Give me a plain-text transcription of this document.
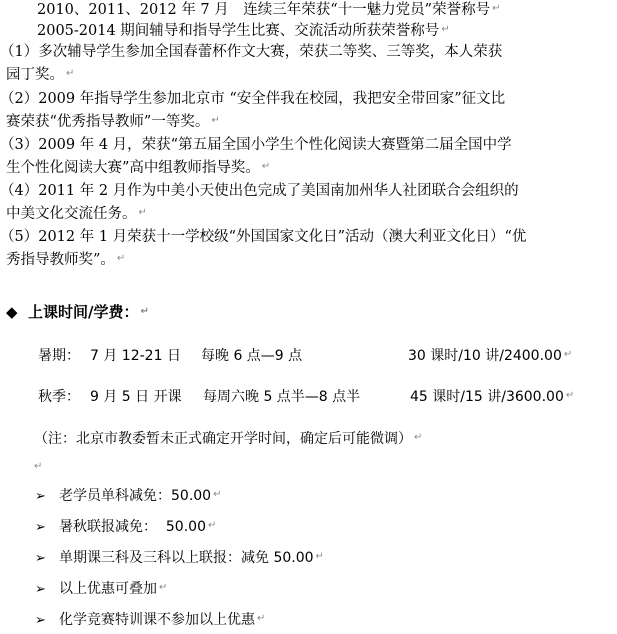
　　2010、2011、2012 年 7 月　连续三年荣获“十一魅力党员”荣誉称号 ↵
　　2005-2014 期间辅导和指导学生比赛、交流活动所获荣誉称号 ↵
（1）多次辅导学生参加全国春蕾杯作文大赛，荣获二等奖、三等奖，本人荣获
园丁奖。 ↵
（2）2009 年指导学生参加北京市 “安全伴我在校园，我把安全带回家”征文比
赛荣获“优秀指导教师”一等奖。 ↵
（3）2009 年 4 月，荣获“第五届全国小学生个性化阅读大赛暨第二届全国中学
生个性化阅读大赛”高中组教师指导奖。 ↵
（4）2011 年 2 月作为中美小天使出色完成了美国南加州华人社团联合会组织的
中美文化交流任务。 ↵
（5）2012 年 1 月荣获十一学校级“外国国家文化日”活动（澳大利亚文化日）“优
秀指导教师奖”。 ↵
◆ 上课时间/学费： ↵
暑期： 7 月 12-21 日 每晚 6 点—9 点	30 课时/10 讲/2400.00 ↵
秋季： 9 月 5 日 开课 每周六晚 5 点半—8 点半	45 课时/15 讲/3600.00 ↵
（注：北京市教委暂未正式确定开学时间，确定后可能微调） ↵
↵
➢ 老学员单科减免：50.00 ↵
➢ 暑秋联报减免：  50.00 ↵
➢ 单期课三科及三科以上联报：减免 50.00 ↵
➢ 以上优惠可叠加 ↵
➢ 化学竞赛特训课不参加以上优惠 ↵
